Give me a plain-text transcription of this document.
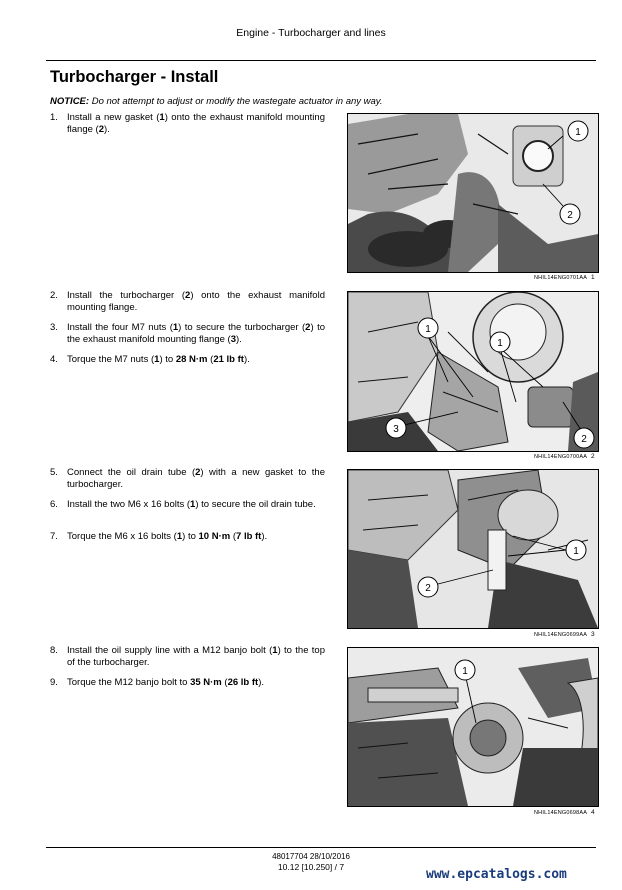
Engine - Turbocharger and lines
Turbocharger - Install
NOTICE: Do not attempt to adjust or modify the wastegate actuator in any way.
1. Install a new gasket (1) onto the exhaust manifold mounting flange (2).
2. Install the turbocharger (2) onto the exhaust manifold mounting flange.
3. Install the four M7 nuts (1) to secure the turbocharger (2) to the exhaust manifold mounting flange (3).
4. Torque the M7 nuts (1) to 28 N·m (21 lb ft).
5. Connect the oil drain tube (2) with a new gasket to the turbocharger.
6. Install the two M6 x 16 bolts (1) to secure the oil drain tube.
7. Torque the M6 x 16 bolts (1) to 10 N·m (7 lb ft).
8. Install the oil supply line with a M12 banjo bolt (1) to the top of the turbocharger.
9. Torque the M12 banjo bolt to 35 N·m (26 lb ft).
1
2
NHIL14ENG0701AA 1
1
1
2
3
NHIL14ENG0700AA 2
1
2
NHIL14ENG0699AA 3
1
NHIL14ENG0698AA 4
48017704 28/10/2016
10.12 [10.250] / 7	www.epcatalogs.com
